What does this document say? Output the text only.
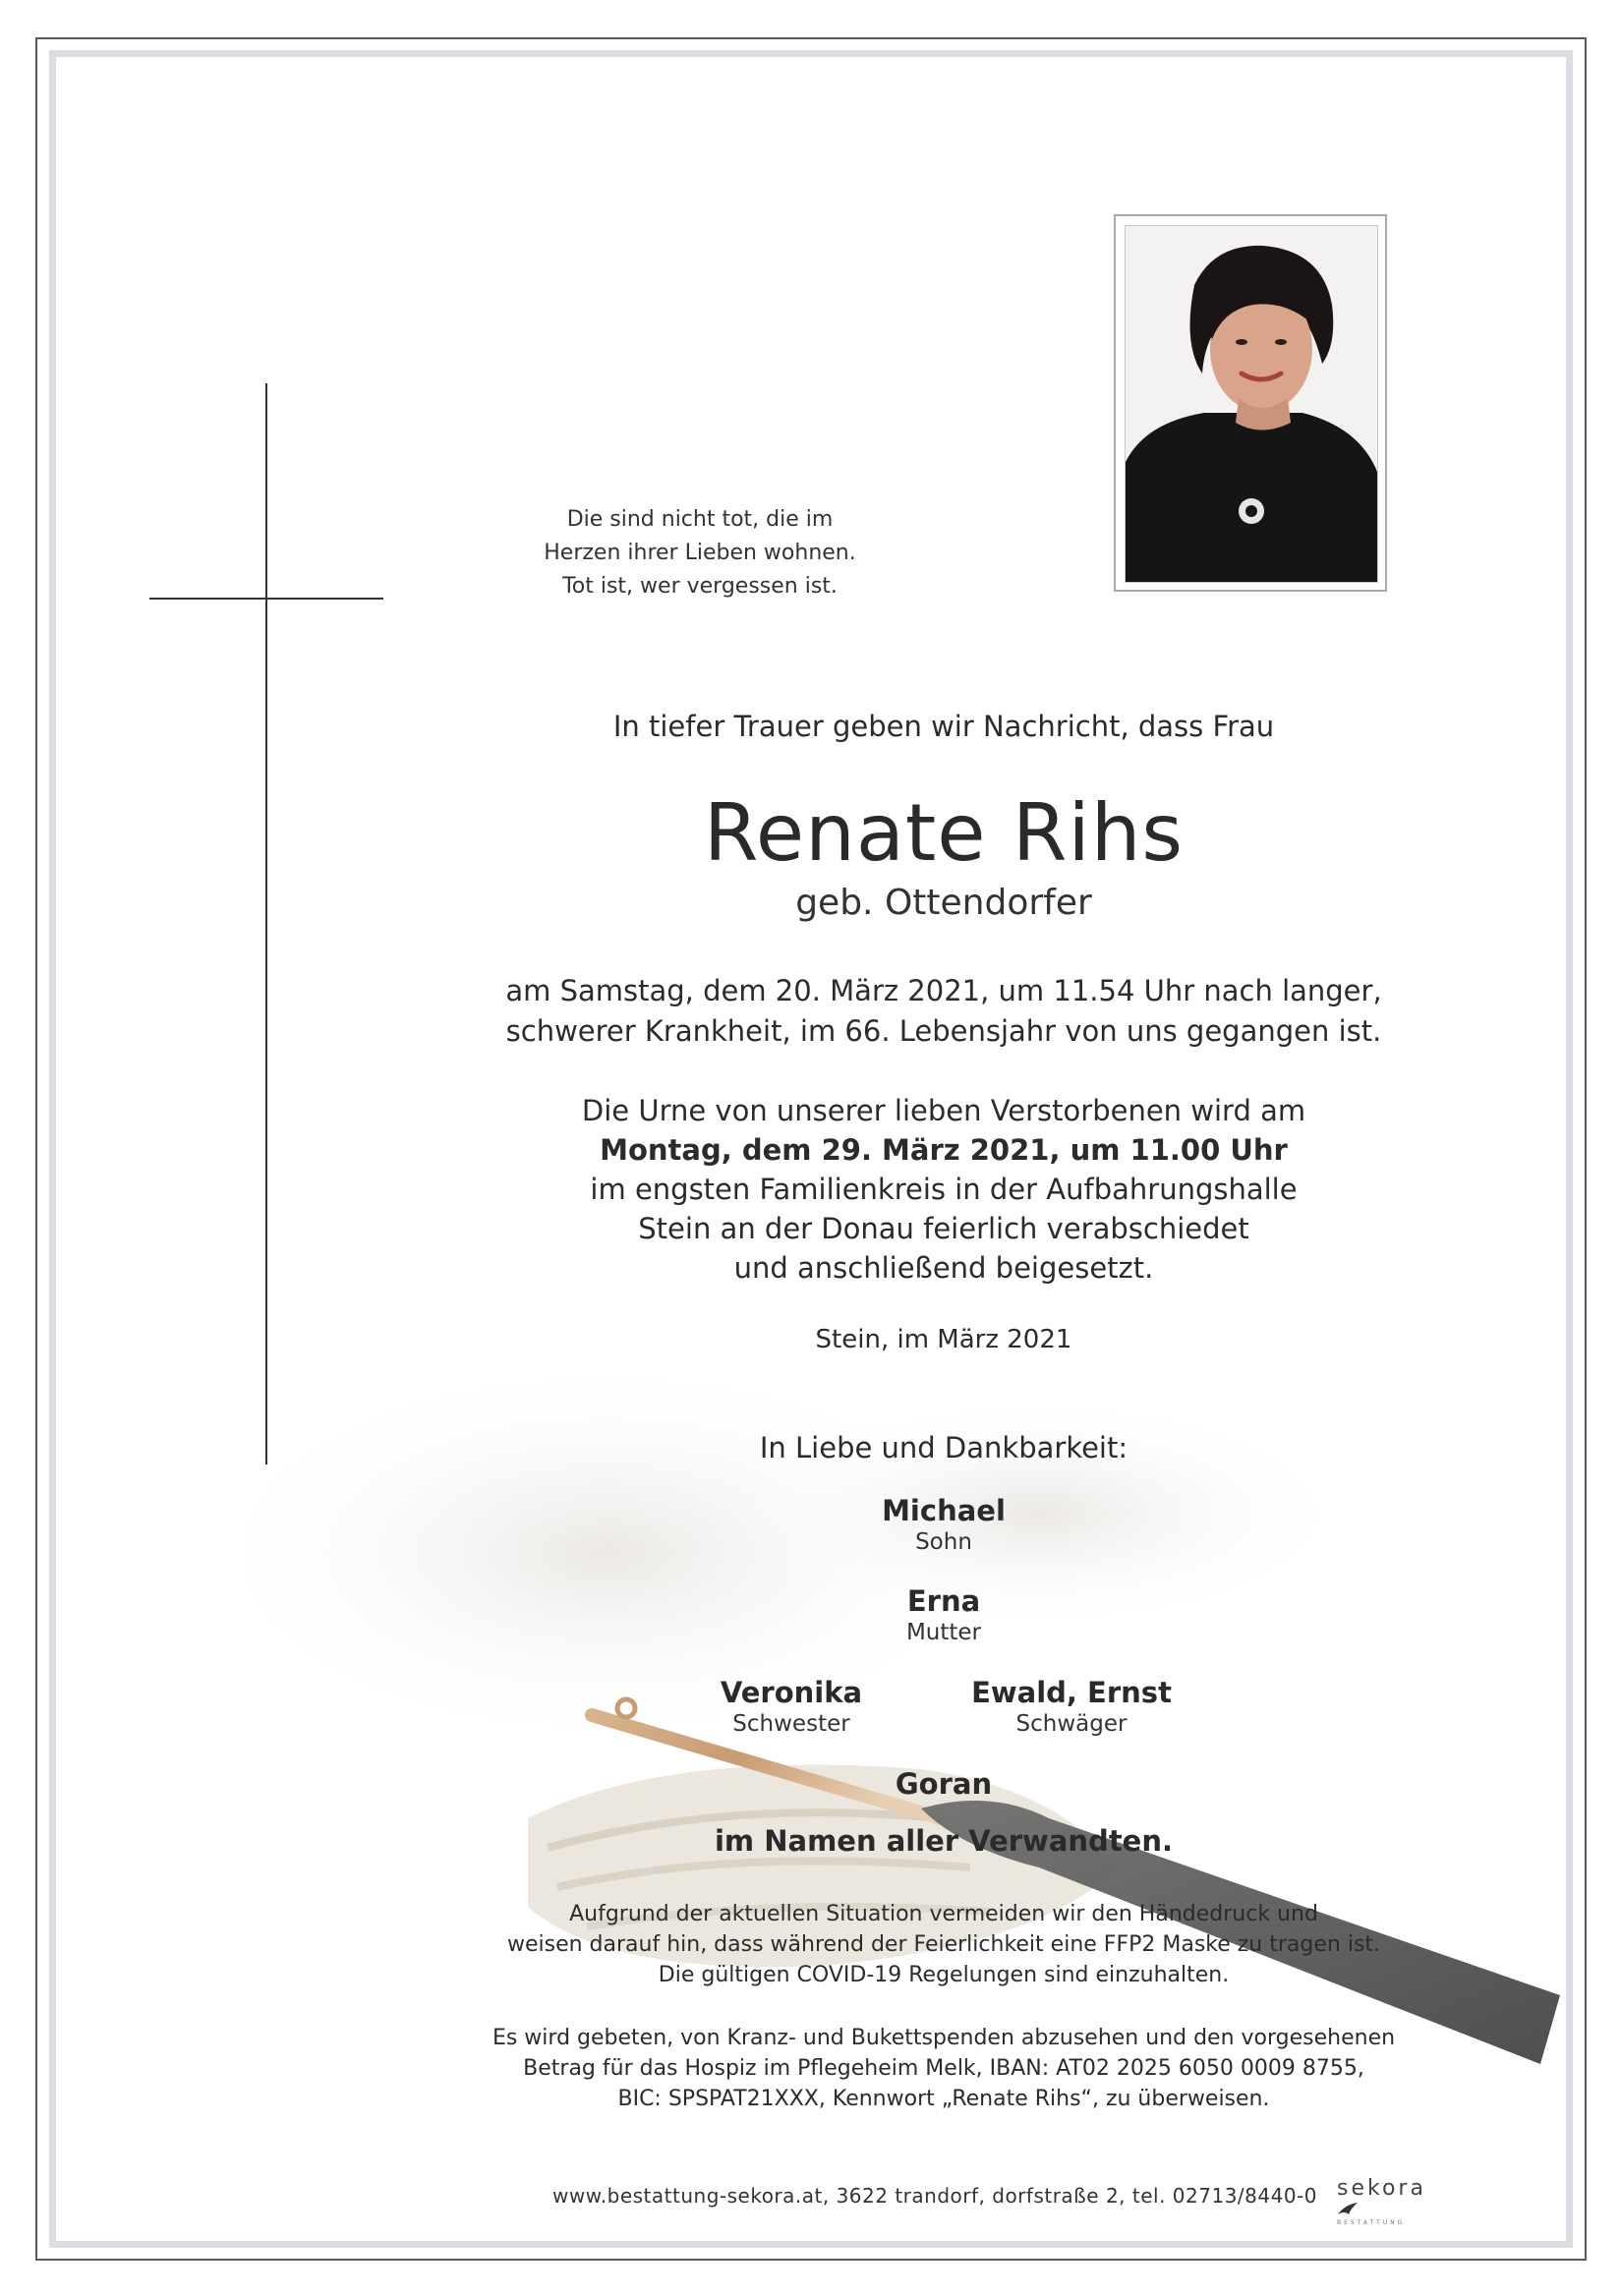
Die sind nicht tot, die im Herzen ihrer Lieben wohnen. Tot ist, wer vergessen ist.
In tiefer Trauer geben wir Nachricht, dass Frau
Renate Rihs
geb. Ottendorfer
am Samstag, dem 20. März 2021, um 11.54 Uhr nach langer,
schwerer Krankheit, im 66. Lebensjahr von uns gegangen ist.
Die Urne von unserer lieben Verstorbenen wird am
Montag, dem 29. März 2021, um 11.00 Uhr
im engsten Familienkreis in der Aufbahrungshalle
Stein an der Donau feierlich verabschiedet
und anschließend beigesetzt.
Stein, im März 2021
In Liebe und Dankbarkeit:
Michael
Sohn
Erna
Mutter
Veronika
Schwester
Ewald, Ernst
Schwäger
Goran
im Namen aller Verwandten.
Aufgrund der aktuellen Situation vermeiden wir den Händedruck und
weisen darauf hin, dass während der Feierlichkeit eine FFP2 Maske zu tragen ist.
Die gültigen COVID-19 Regelungen sind einzuhalten.
Es wird gebeten, von Kranz- und Bukettspenden abzusehen und den vorgesehenen
Betrag für das Hospiz im Pflegeheim Melk, IBAN: AT02 2025 6050 0009 8755,
BIC: SPSPAT21XXX, Kennwort „Renate Rihs“, zu überweisen.
www.bestattung-sekora.at, 3622 trandorf, dorfstraße 2, tel. 02713/8440-0 sekora
BESTATTUNG
